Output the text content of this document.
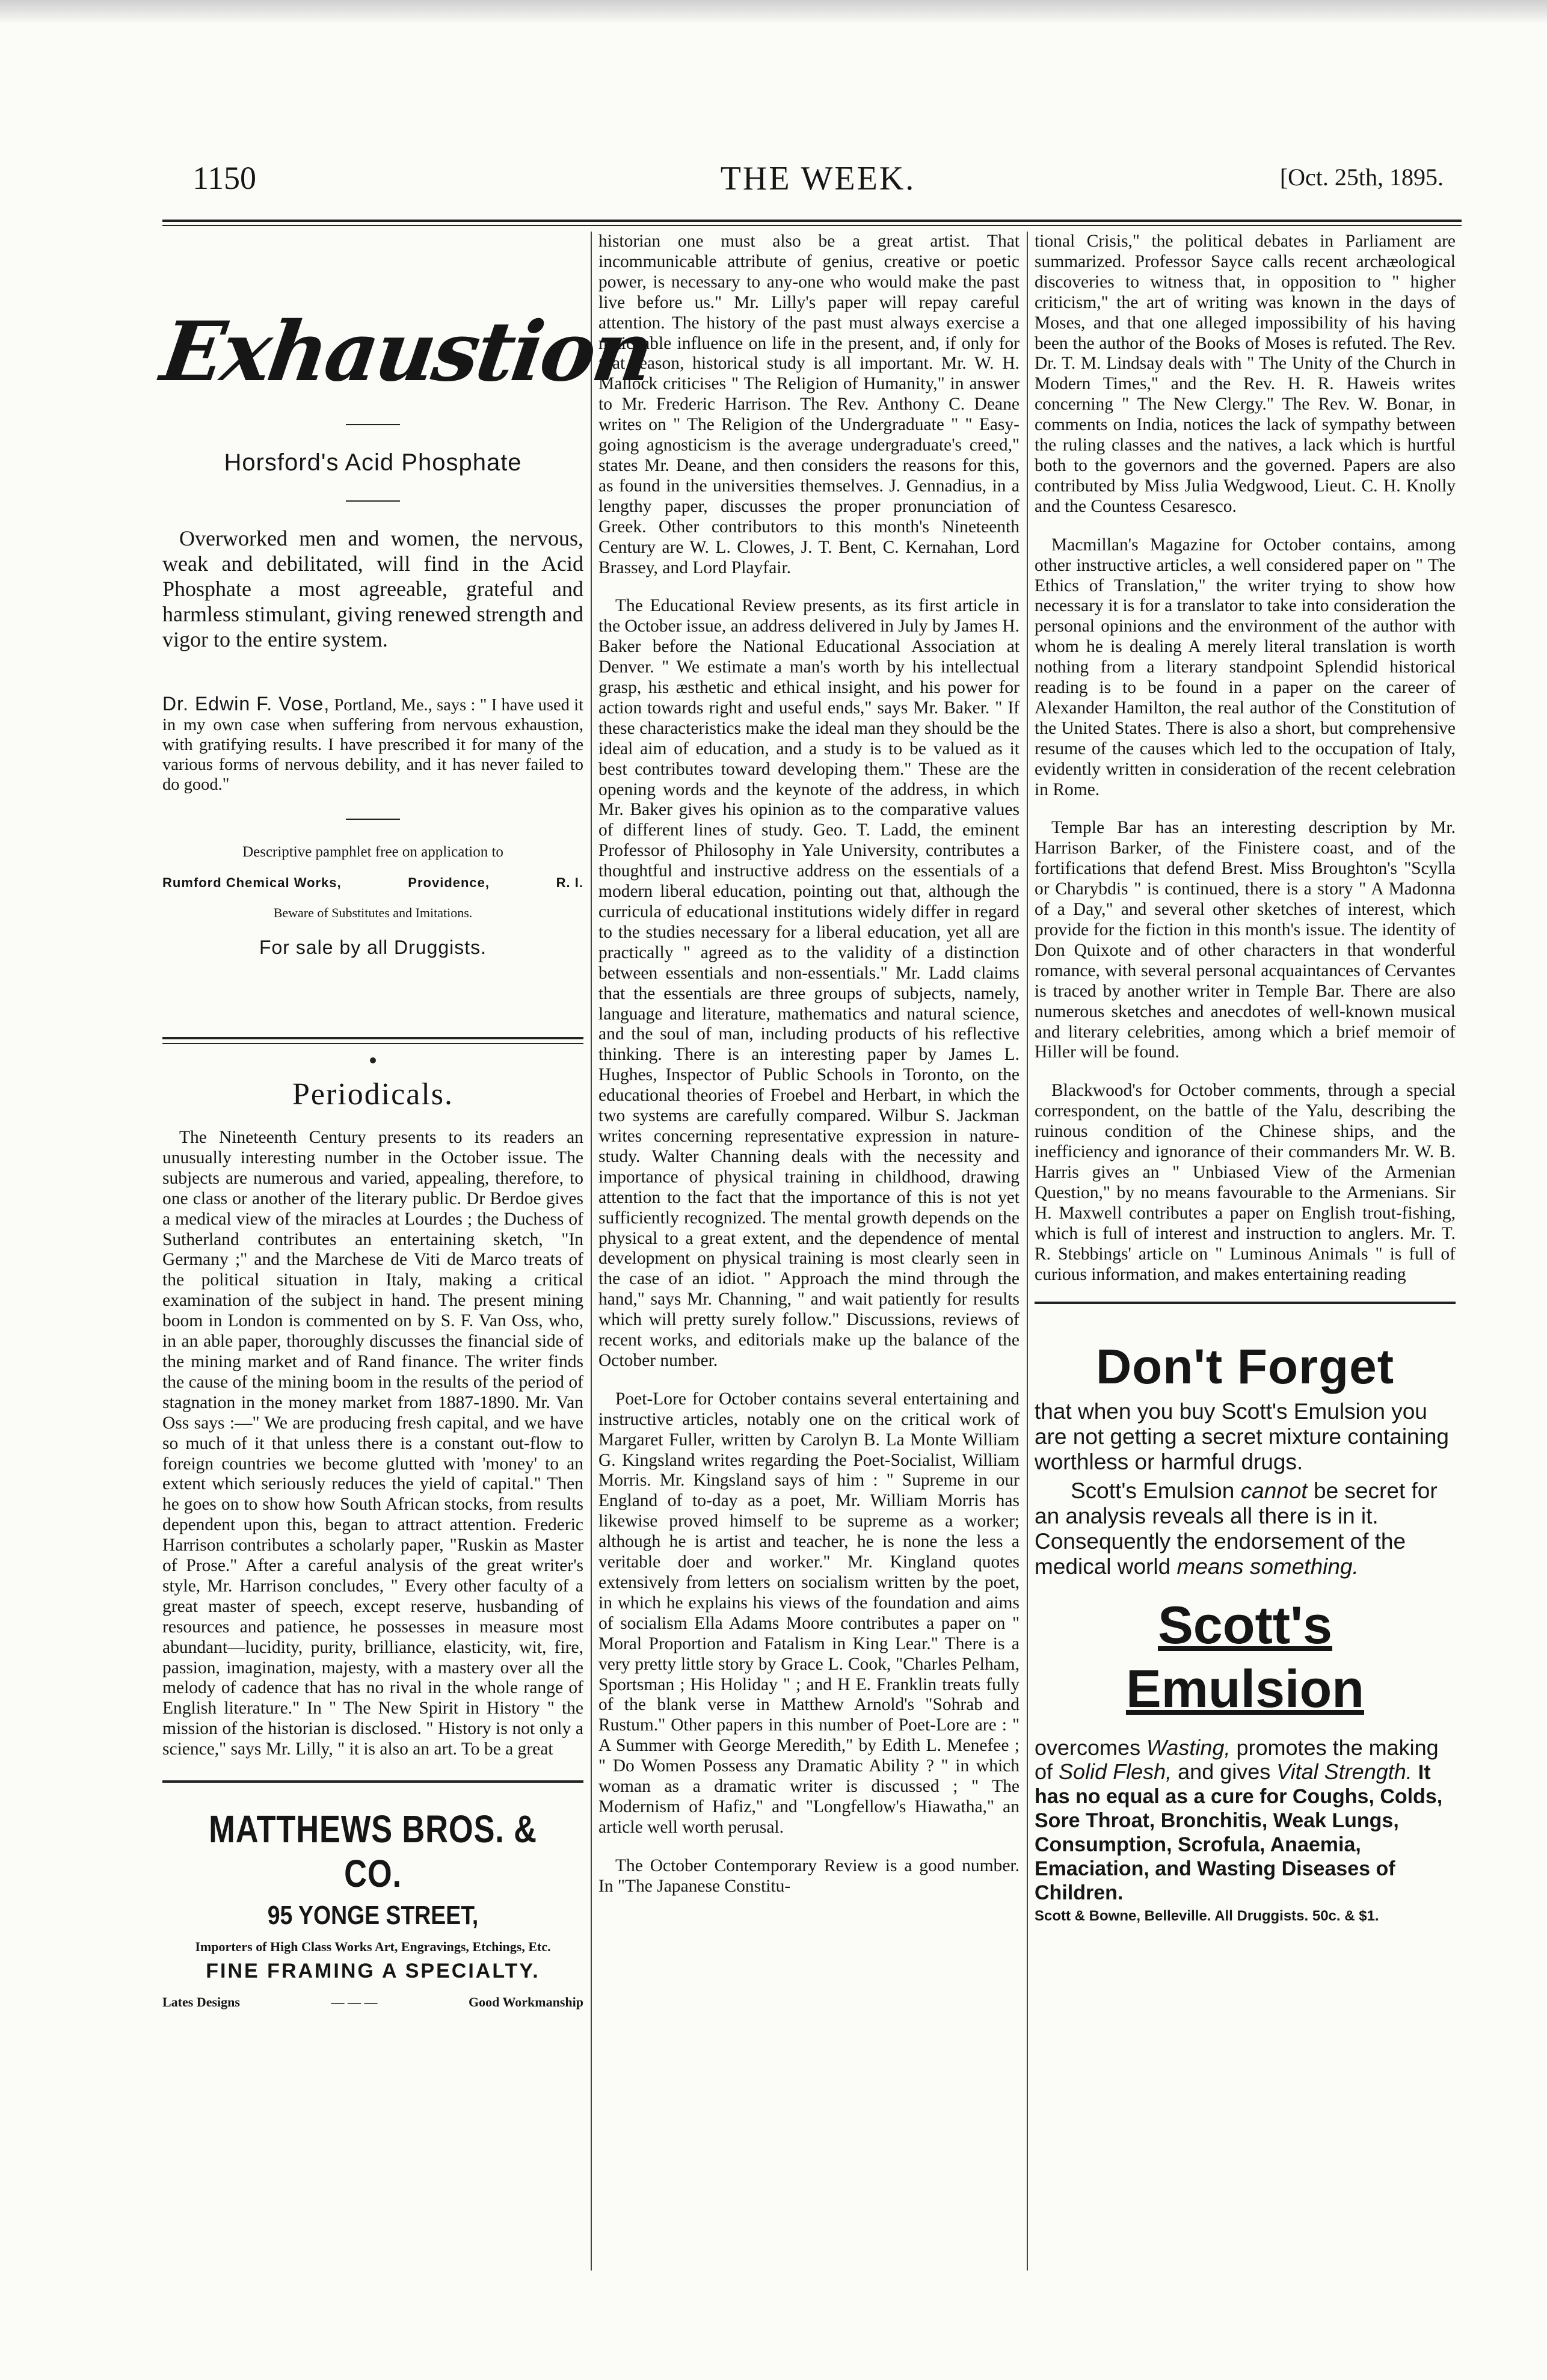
1150	THE WEEK.	[Oct. 25th, 1895.
Exhaustion
Horsford's Acid Phosphate

Overworked men and women, the nervous, weak and debilitated, will find in the Acid Phosphate a most agreeable, grateful and harmless stimulant, giving renewed strength and vigor to the entire system.

Dr. Edwin F. Vose, Portland, Me., says : " I have used it in my own case when suffering from nervous exhaustion, with gratifying results. I have prescribed it for many of the various forms of nervous debility, and it has never failed to do good."

Descriptive pamphlet free on application to
Rumford Chemical Works,	Providence,	R. I.
Beware of Substitutes and Imitations.
For sale by all Druggists.
Periodicals.

The Nineteenth Century presents to its readers an unusually interesting number in the October issue. The subjects are numerous and varied, appealing, therefore, to one class or another of the literary public. Dr Berdoe gives a medical view of the miracles at Lourdes ; the Duchess of Sutherland contributes an entertaining sketch, "In Germany ;" and the Marchese de Viti de Marco treats of the political situation in Italy, making a critical examination of the subject in hand. The present mining boom in London is commented on by S. F. Van Oss, who, in an able paper, thoroughly discusses the financial side of the mining market and of Rand finance. The writer finds the cause of the mining boom in the results of the period of stagnation in the money market from 1887-1890. Mr. Van Oss says :—" We are producing fresh capital, and we have so much of it that unless there is a constant out-flow to foreign countries we become glutted with 'money' to an extent which seriously reduces the yield of capital." Then he goes on to show how South African stocks, from results dependent upon this, began to attract attention. Frederic Harrison contributes a scholarly paper, "Ruskin as Master of Prose." After a careful analysis of the great writer's style, Mr. Harrison concludes, " Every other faculty of a great master of speech, except reserve, husbanding of resources and patience, he possesses in measure most abundant—lucidity, purity, brilliance, elasticity, wit, fire, passion, imagination, majesty, with a mastery over all the melody of cadence that has no rival in the whole range of English literature." In " The New Spirit in History " the mission of the historian is disclosed. " History is not only a science," says Mr. Lilly, " it is also an art. To be a great

MATTHEWS BROS. & CO.
95 YONGE STREET,
Importers of High Class Works Art, Engravings, Etchings, Etc.
FINE FRAMING A SPECIALTY.
Lates Designs	— — —	Good Workmanship

historian one must also be a great artist. That incommunicable attribute of genius, creative or poetic power, is necessary to any-one who would make the past live before us." Mr. Lilly's paper will repay careful attention. The history of the past must always exercise a noticeable influence on life in the present, and, if only for that reason, historical study is all important. Mr. W. H. Mallock criticises " The Religion of Humanity," in answer to Mr. Frederic Harrison. The Rev. Anthony C. Deane writes on " The Religion of the Undergraduate " " Easy-going agnosticism is the average undergraduate's creed," states Mr. Deane, and then considers the reasons for this, as found in the universities themselves. J. Gennadius, in a lengthy paper, discusses the proper pronunciation of Greek. Other contributors to this month's Nineteenth Century are W. L. Clowes, J. T. Bent, C. Kernahan, Lord Brassey, and Lord Playfair.

The Educational Review presents, as its first article in the October issue, an address delivered in July by James H. Baker before the National Educational Association at Denver. " We estimate a man's worth by his intellectual grasp, his æsthetic and ethical insight, and his power for action towards right and useful ends," says Mr. Baker. " If these characteristics make the ideal man they should be the ideal aim of education, and a study is to be valued as it best contributes toward developing them." These are the opening words and the keynote of the address, in which Mr. Baker gives his opinion as to the comparative values of different lines of study. Geo. T. Ladd, the eminent Professor of Philosophy in Yale University, contributes a thoughtful and instructive address on the essentials of a modern liberal education, pointing out that, although the curricula of educational institutions widely differ in regard to the studies necessary for a liberal education, yet all are practically " agreed as to the validity of a distinction between essentials and non-essentials." Mr. Ladd claims that the essentials are three groups of subjects, namely, language and literature, mathematics and natural science, and the soul of man, including products of his reflective thinking. There is an interesting paper by James L. Hughes, Inspector of Public Schools in Toronto, on the educational theories of Froebel and Herbart, in which the two systems are carefully compared. Wilbur S. Jackman writes concerning representative expression in nature-study. Walter Channing deals with the necessity and importance of physical training in childhood, drawing attention to the fact that the importance of this is not yet sufficiently recognized. The mental growth depends on the physical to a great extent, and the dependence of mental development on physical training is most clearly seen in the case of an idiot. " Approach the mind through the hand," says Mr. Channing, " and wait patiently for results which will pretty surely follow." Discussions, reviews of recent works, and editorials make up the balance of the October number.

Poet-Lore for October contains several entertaining and instructive articles, notably one on the critical work of Margaret Fuller, written by Carolyn B. La Monte William G. Kingsland writes regarding the Poet-Socialist, William Morris. Mr. Kingsland says of him : " Supreme in our England of to-day as a poet, Mr. William Morris has likewise proved himself to be supreme as a worker; although he is artist and teacher, he is none the less a veritable doer and worker." Mr. Kingland quotes extensively from letters on socialism written by the poet, in which he explains his views of the foundation and aims of socialism Ella Adams Moore contributes a paper on " Moral Proportion and Fatalism in King Lear." There is a very pretty little story by Grace L. Cook, "Charles Pelham, Sportsman ; His Holiday " ; and H E. Franklin treats fully of the blank verse in Matthew Arnold's "Sohrab and Rustum." Other papers in this number of Poet-Lore are : " A Summer with George Meredith," by Edith L. Menefee ; " Do Women Possess any Dramatic Ability ? " in which woman as a dramatic writer is discussed ; " The Modernism of Hafiz," and "Longfellow's Hiawatha," an article well worth perusal.

The October Contemporary Review is a good number. In "The Japanese Constitu-

tional Crisis," the political debates in Parliament are summarized. Professor Sayce calls recent archæological discoveries to witness that, in opposition to " higher criticism," the art of writing was known in the days of Moses, and that one alleged impossibility of his having been the author of the Books of Moses is refuted. The Rev. Dr. T. M. Lindsay deals with " The Unity of the Church in Modern Times," and the Rev. H. R. Haweis writes concerning " The New Clergy." The Rev. W. Bonar, in comments on India, notices the lack of sympathy between the ruling classes and the natives, a lack which is hurtful both to the governors and the governed. Papers are also contributed by Miss Julia Wedgwood, Lieut. C. H. Knolly and the Countess Cesaresco.

Macmillan's Magazine for October contains, among other instructive articles, a well considered paper on " The Ethics of Translation," the writer trying to show how necessary it is for a translator to take into consideration the personal opinions and the environment of the author with whom he is dealing A merely literal translation is worth nothing from a literary standpoint Splendid historical reading is to be found in a paper on the career of Alexander Hamilton, the real author of the Constitution of the United States. There is also a short, but comprehensive resume of the causes which led to the occupation of Italy, evidently written in consideration of the recent celebration in Rome.

Temple Bar has an interesting description by Mr. Harrison Barker, of the Finistere coast, and of the fortifications that defend Brest. Miss Broughton's "Scylla or Charybdis " is continued, there is a story " A Madonna of a Day," and several other sketches of interest, which provide for the fiction in this month's issue. The identity of Don Quixote and of other characters in that wonderful romance, with several personal acquaintances of Cervantes is traced by another writer in Temple Bar. There are also numerous sketches and anecdotes of well-known musical and literary celebrities, among which a brief memoir of Hiller will be found.

Blackwood's for October comments, through a special correspondent, on the battle of the Yalu, describing the ruinous condition of the Chinese ships, and the inefficiency and ignorance of their commanders Mr. W. B. Harris gives an " Unbiased View of the Armenian Question," by no means favourable to the Armenians. Sir H. Maxwell contributes a paper on English trout-fishing, which is full of interest and instruction to anglers. Mr. T. R. Stebbings' article on " Luminous Animals " is full of curious information, and makes entertaining reading

Don't Forget

that when you buy Scott's Emulsion you are not getting a secret mixture containing worthless or harmful drugs.

Scott's Emulsion cannot be secret for an analysis reveals all there is in it. Consequently the endorsement of the medical world means something.

Scott's
Emulsion
overcomes Wasting, promotes the making of Solid Flesh, and gives Vital Strength. It has no equal as a cure for Coughs, Colds, Sore Throat, Bronchitis, Weak Lungs, Consumption, Scrofula, Anaemia, Emaciation, and Wasting Diseases of Children.
Scott & Bowne, Belleville. All Druggists. 50c. & $1.
